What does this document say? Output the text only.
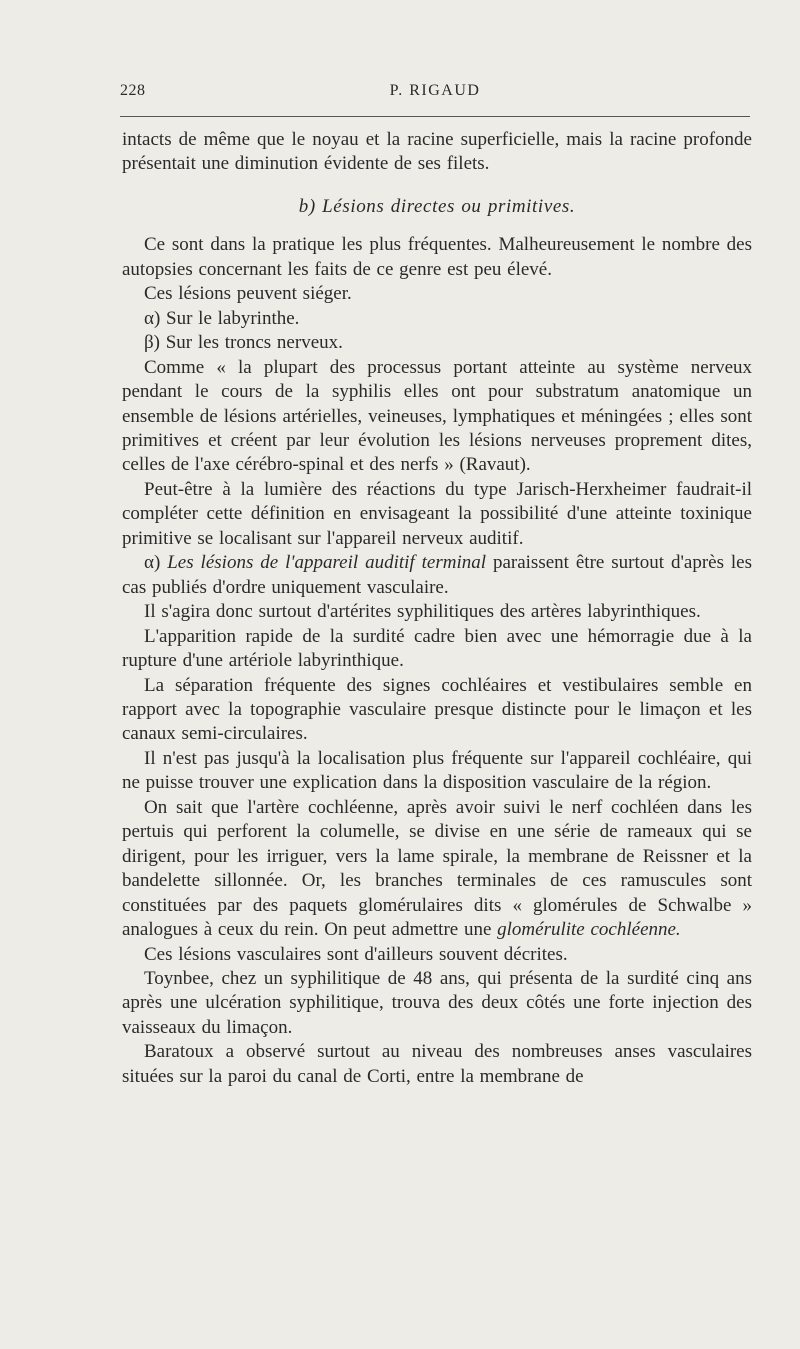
228	P. RIGAUD

intacts de même que le noyau et la racine superficielle, mais la racine profonde présentait une diminution évidente de ses filets.

b) Lésions directes ou primitives.

Ce sont dans la pratique les plus fréquentes. Malheureusement le nombre des autopsies concernant les faits de ce genre est peu élevé.

Ces lésions peuvent siéger.

α) Sur le labyrinthe.

β) Sur les troncs nerveux.

Comme « la plupart des processus portant atteinte au système nerveux pendant le cours de la syphilis elles ont pour substratum anatomique un ensemble de lésions artérielles, veineuses, lymphatiques et méningées ; elles sont primitives et créent par leur évolution les lésions nerveuses proprement dites, celles de l'axe cérébro-spinal et des nerfs » (Ravaut).

Peut-être à la lumière des réactions du type Jarisch-Herxheimer faudrait-il compléter cette définition en envisageant la possibilité d'une atteinte toxinique primitive se localisant sur l'appareil nerveux auditif.

α) Les lésions de l'appareil auditif terminal paraissent être surtout d'après les cas publiés d'ordre uniquement vasculaire.

Il s'agira donc surtout d'artérites syphilitiques des artères labyrinthiques.

L'apparition rapide de la surdité cadre bien avec une hémorragie due à la rupture d'une artériole labyrinthique.

La séparation fréquente des signes cochléaires et vestibulaires semble en rapport avec la topographie vasculaire presque distincte pour le limaçon et les canaux semi-circulaires.

Il n'est pas jusqu'à la localisation plus fréquente sur l'appareil cochléaire, qui ne puisse trouver une explication dans la disposition vasculaire de la région.

On sait que l'artère cochléenne, après avoir suivi le nerf cochléen dans les pertuis qui perforent la columelle, se divise en une série de rameaux qui se dirigent, pour les irriguer, vers la lame spirale, la membrane de Reissner et la bandelette sillonnée. Or, les branches terminales de ces ramuscules sont constituées par des paquets glomérulaires dits « glomérules de Schwalbe » analogues à ceux du rein. On peut admettre une glomérulite cochléenne.

Ces lésions vasculaires sont d'ailleurs souvent décrites.

Toynbee, chez un syphilitique de 48 ans, qui présenta de la surdité cinq ans après une ulcération syphilitique, trouva des deux côtés une forte injection des vaisseaux du limaçon.

Baratoux a observé surtout au niveau des nombreuses anses vasculaires situées sur la paroi du canal de Corti, entre la membrane de
